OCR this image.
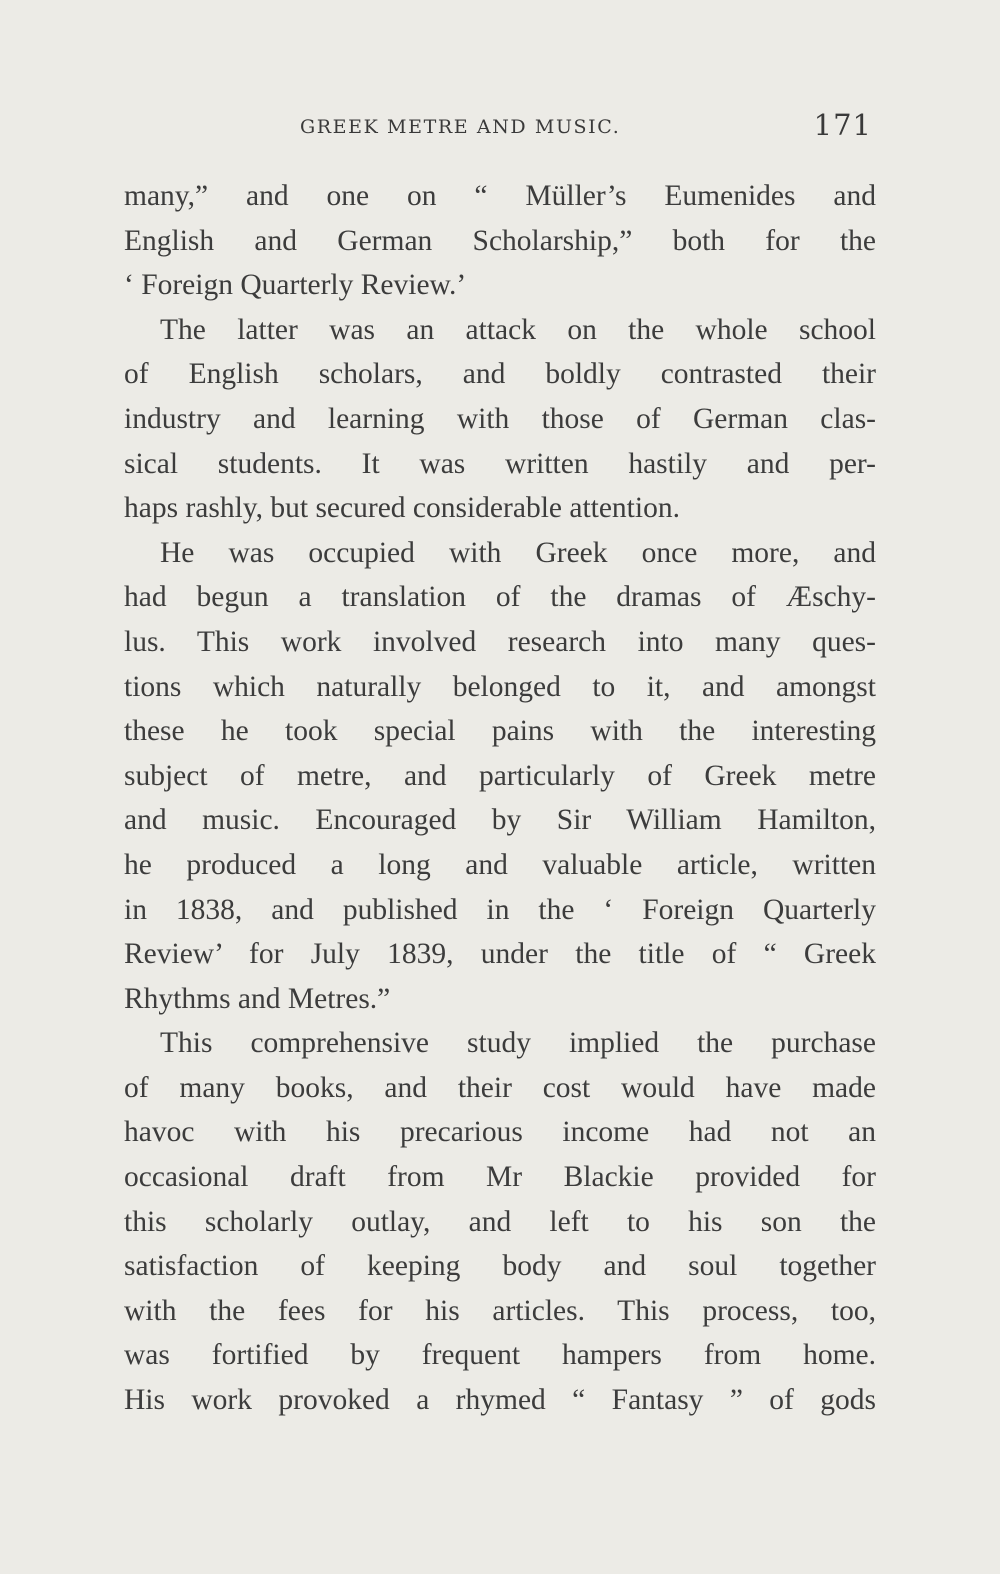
GREEK METRE AND MUSIC.	171
many,” and one on “ Müller’s Eumenides and
English and German Scholarship,” both for the
‘ Foreign Quarterly Review.’
The latter was an attack on the whole school
of English scholars, and boldly contrasted their
industry and learning with those of German clas-
sical students. It was written hastily and per-
haps rashly, but secured considerable attention.
He was occupied with Greek once more, and
had begun a translation of the dramas of Æschy-
lus. This work involved research into many ques-
tions which naturally belonged to it, and amongst
these he took special pains with the interesting
subject of metre, and particularly of Greek metre
and music. Encouraged by Sir William Hamilton,
he produced a long and valuable article, written
in 1838, and published in the ‘ Foreign Quarterly
Review’ for July 1839, under the title of “ Greek
Rhythms and Metres.”
This comprehensive study implied the purchase
of many books, and their cost would have made
havoc with his precarious income had not an
occasional draft from Mr Blackie provided for
this scholarly outlay, and left to his son the
satisfaction of keeping body and soul together
with the fees for his articles. This process, too,
was fortified by frequent hampers from home.
His work provoked a rhymed “ Fantasy ” of gods
